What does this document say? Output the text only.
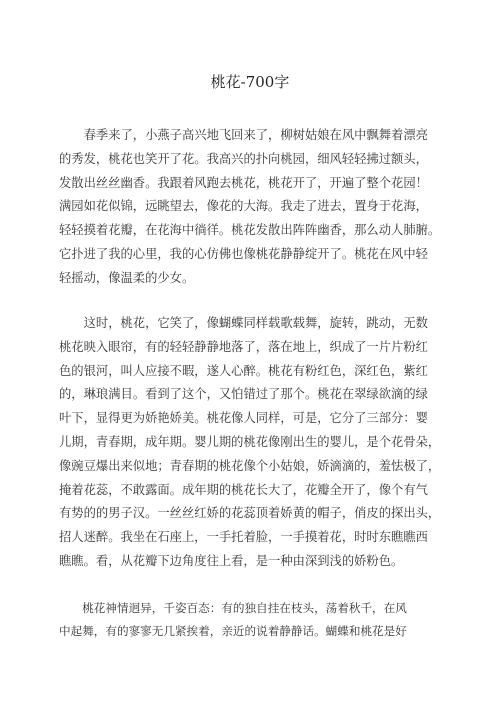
桃花-700字
　　春季来了，小燕子高兴地飞回来了，柳树姑娘在风中飘舞着漂亮
的秀发，桃花也笑开了花。我高兴的扑向桃园，细风轻轻拂过额头，
发散出丝丝幽香。我跟着风跑去桃花，桃花开了，开遍了整个花园！
满园如花似锦，远眺望去，像花的大海。我走了进去，置身于花海，
轻轻摸着花瓣，在花海中徜徉。桃花发散出阵阵幽香，那么动人肺腑。
它扑进了我的心里，我的心仿佛也像桃花静静绽开了。桃花在风中轻
轻摇动，像温柔的少女。
　　这时，桃花，它笑了，像蝴蝶同样载歌载舞，旋转，跳动，无数
桃花映入眼帘，有的轻轻静静地落了，落在地上，织成了一片片粉红
色的银河，叫人应接不暇，遂人心醉。桃花有粉红色，深红色，紫红
的，琳琅满目。看到了这个，又怕错过了那个。桃花在翠绿欲滴的绿
叶下，显得更为娇艳娇美。桃花像人同样，可是，它分了三部分：婴
儿期，青春期，成年期。婴儿期的桃花像刚出生的婴儿，是个花骨朵，
像豌豆爆出来似地；青春期的桃花像个小姑娘，娇滴滴的，羞怯极了，
掩着花蕊，不敢露面。成年期的桃花长大了，花瓣全开了，像个有气
有势的的男子汉。一丝丝红娇的花蕊顶着娇黄的帽子，俏皮的探出头，
招人迷醉。我坐在石座上，一手托着脸，一手摸着花，时时东瞧瞧西
瞧瞧。看，从花瓣下边角度往上看，是一种由深到浅的娇粉色。
　　桃花神情迥异，千姿百态：有的独自挂在枝头，荡着秋千，在风
中起舞，有的寥寥无几紧挨着，亲近的说着静静话。蝴蝶和桃花是好
